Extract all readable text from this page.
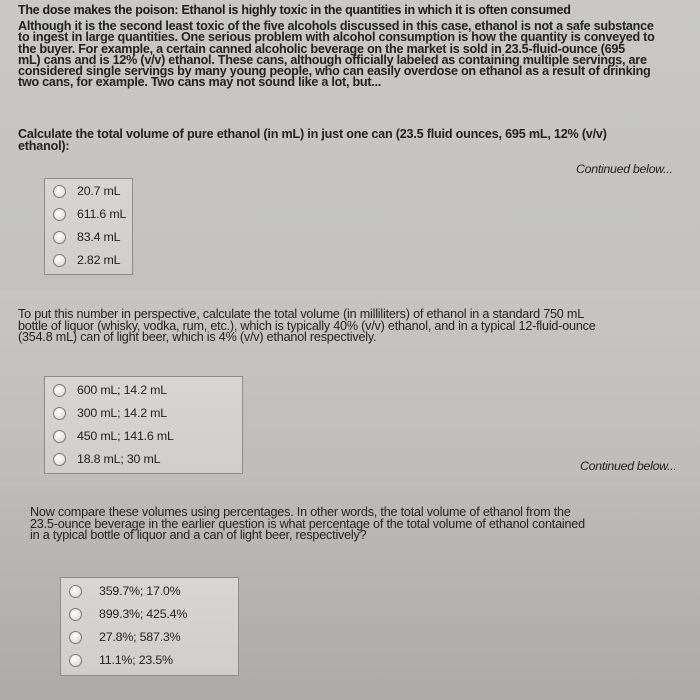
The dose makes the poison: Ethanol is highly toxic in the quantities in which it is often consumed
Although it is the second least toxic of the five alcohols discussed in this case, ethanol is not a safe substance
to ingest in large quantities. One serious problem with alcohol consumption is how the quantity is conveyed to
the buyer. For example, a certain canned alcoholic beverage on the market is sold in 23.5-fluid-ounce (695
mL) cans and is 12% (v/v) ethanol. These cans, although officially labeled as containing multiple servings, are
considered single servings by many young people, who can easily overdose on ethanol as a result of drinking
two cans, for example. Two cans may not sound like a lot, but...
Calculate the total volume of pure ethanol (in mL) in just one can (23.5 fluid ounces, 695 mL, 12% (v/v)
ethanol):
Continued below...
20.7 mL
611.6 mL
83.4 mL
2.82 mL
To put this number in perspective, calculate the total volume (in milliliters) of ethanol in a standard 750 mL
bottle of liquor (whisky, vodka, rum, etc.), which is typically 40% (v/v) ethanol, and in a typical 12-fluid-ounce
(354.8 mL) can of light beer, which is 4% (v/v) ethanol respectively.
600 mL; 14.2 mL
300 mL; 14.2 mL
450 mL; 141.6 mL
18.8 mL; 30 mL	Continued below...
Now compare these volumes using percentages. In other words, the total volume of ethanol from the
23.5-ounce beverage in the earlier question is what percentage of the total volume of ethanol contained
in a typical bottle of liquor and a can of light beer, respectively?
359.7%; 17.0%
899.3%; 425.4%
27.8%; 587.3%
11.1%; 23.5%
